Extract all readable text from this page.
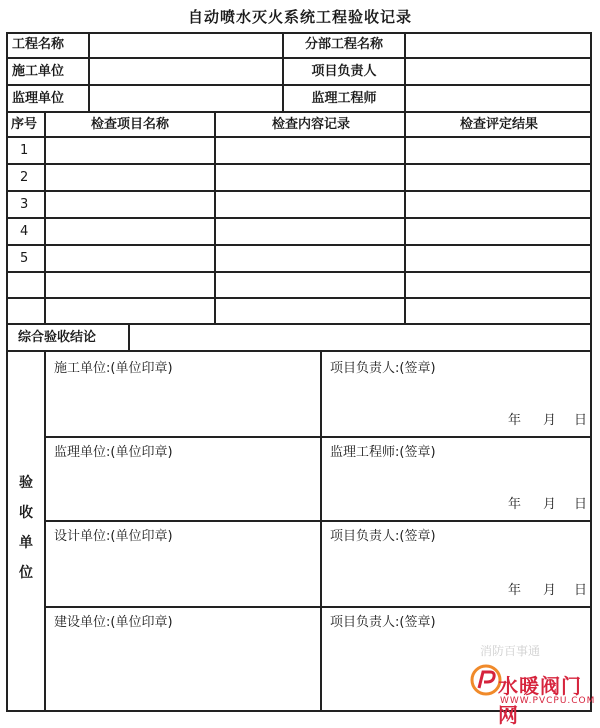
自动喷水灭火系统工程验收记录
工程名称	分部工程名称
施工单位	项目负责人
监理单位	监理工程师
序号	检查项目名称	检查内容记录	检查评定结果
1
2
3
4
5
综合验收结论
验
收
单
位
施工单位:(单位印章)	项目负责人:(签章)
年 月 日
监理单位:(单位印章)	监理工程师:(签章)
年 月 日
设计单位:(单位印章)	项目负责人:(签章)
年 月 日
建设单位:(单位印章)	项目负责人:(签章)
消防百事通
水暖阀门网
WWW.PVCPU.COM
